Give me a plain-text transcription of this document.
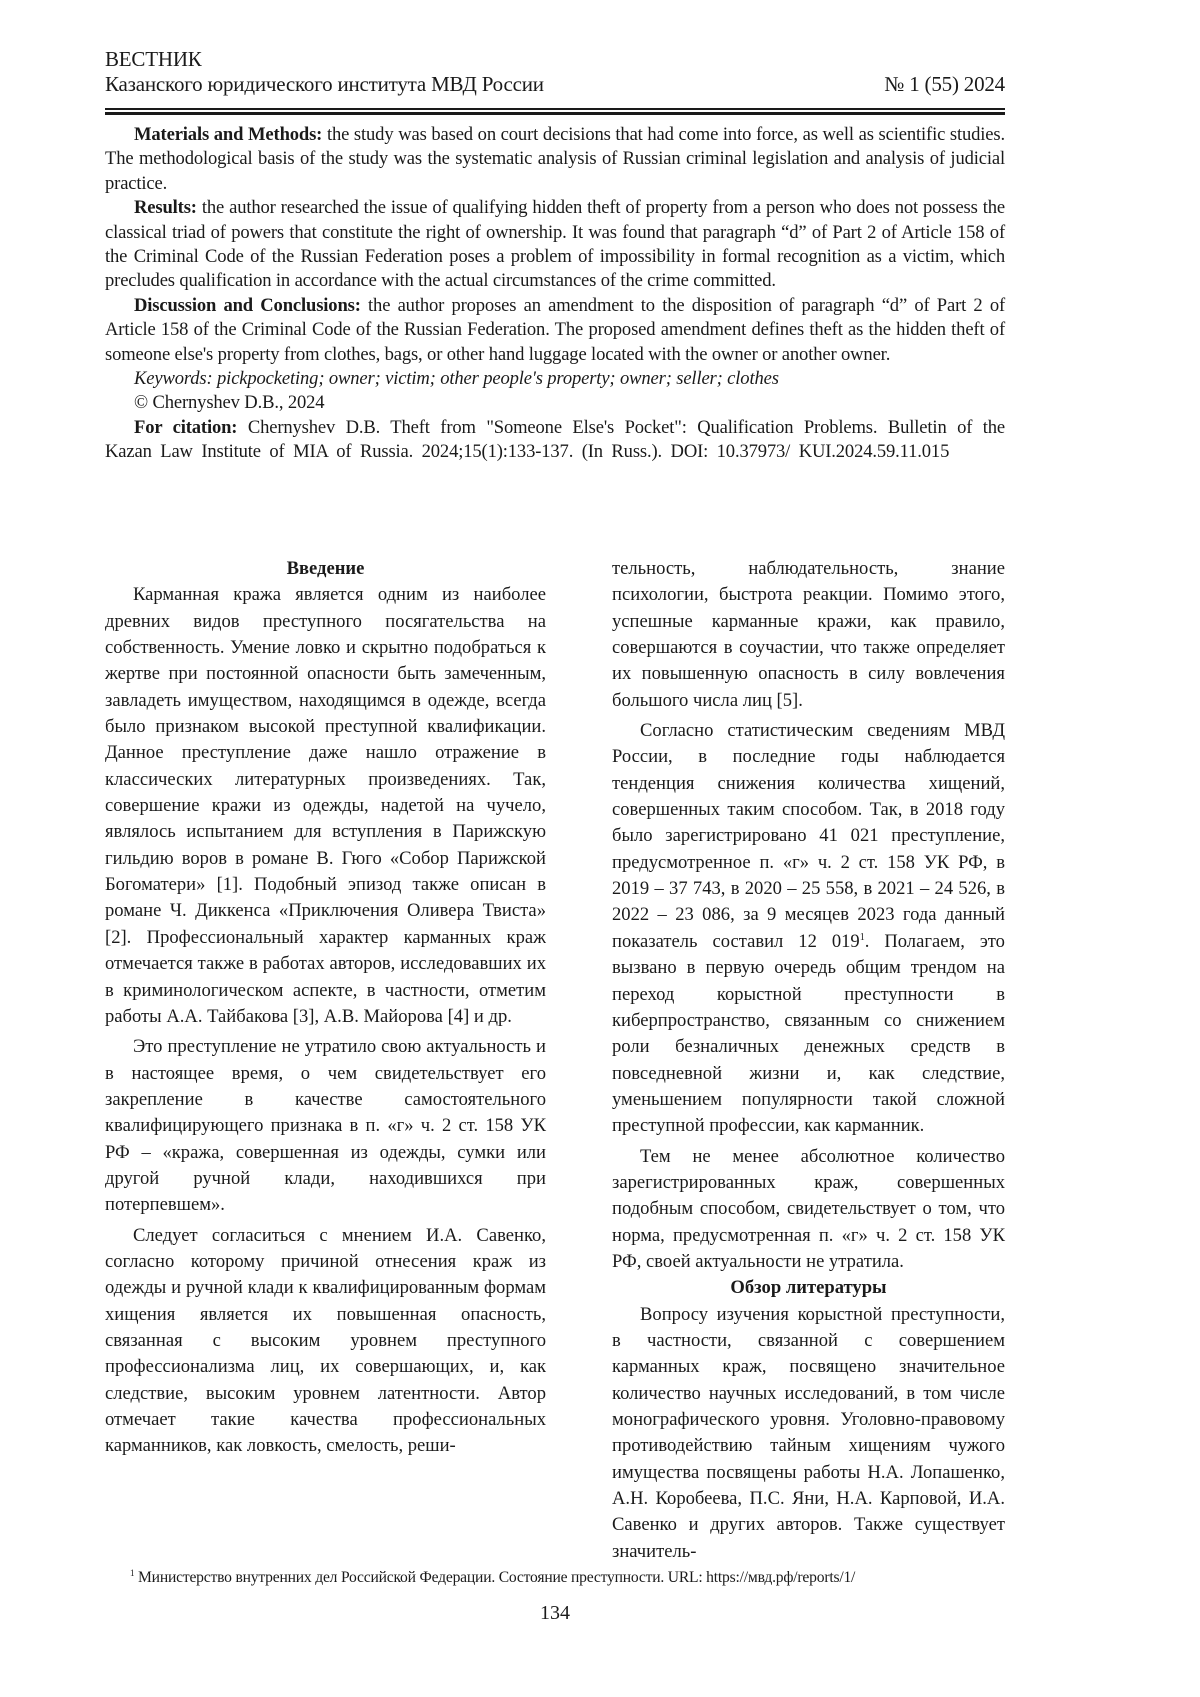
ВЕСТНИК
Казанского юридического института МВД России	№ 1 (55) 2024

Materials and Methods: the study was based on court decisions that had come into force, as well as scientific studies. The methodological basis of the study was the systematic analysis of Russian criminal legislation and analysis of judicial practice.

Results: the author researched the issue of qualifying hidden theft of property from a person who does not possess the classical triad of powers that constitute the right of ownership. It was found that paragraph “d” of Part 2 of Article 158 of the Criminal Code of the Russian Federation poses a problem of impossibility in formal recognition as a victim, which precludes qualification in accordance with the actual circumstances of the crime committed.

Discussion and Conclusions: the author proposes an amendment to the disposition of paragraph “d” of Part 2 of Article 158 of the Criminal Code of the Russian Federation. The proposed amendment defines theft as the hidden theft of someone else's property from clothes, bags, or other hand luggage located with the owner or another owner.

Keywords: pickpocketing; owner; victim; other people's property; owner; seller; clothes

© Chernyshev D.B., 2024

For citation: Chernyshev D.B. Theft from "Someone Else's Pocket": Qualification Problems. Bulletin of the Kazan Law Institute of MIA of Russia. 2024;15(1):133-137. (In Russ.). DOI: 10.37973/ KUI.2024.59.11.015

Введение

Карманная кража является одним из наиболее древних видов преступного посягательства на собственность. Умение ловко и скрытно подобраться к жертве при постоянной опасности быть замеченным, завладеть имуществом, находящимся в одежде, всегда было признаком высокой преступной квалификации. Данное преступление даже нашло отражение в классических литературных произведениях. Так, совершение кражи из одежды, надетой на чучело, являлось испытанием для вступления в Парижскую гильдию воров в романе В. Гюго «Собор Парижской Богоматери» [1]. Подобный эпизод также описан в романе Ч. Диккенса «Приключения Оливера Твиста» [2]. Профессиональный характер карманных краж отмечается также в работах авторов, исследовавших их в криминологическом аспекте, в частности, отметим работы А.А. Тайбакова [3], А.В. Майорова [4] и др.

Это преступление не утратило свою актуальность и в настоящее время, о чем свидетельствует его закрепление в качестве самостоятельного квалифицирующего признака в п. «г» ч. 2 ст. 158 УК РФ – «кража, совершенная из одежды, сумки или другой ручной клади, находившихся при потерпевшем».

Следует согласиться с мнением И.А. Савенко, согласно которому причиной отнесения краж из одежды и ручной клади к квалифицированным формам хищения является их повышенная опасность, связанная с высоким уровнем преступного профессионализма лиц, их совершающих, и, как следствие, высоким уровнем латентности. Автор отмечает такие качества профессиональных карманников, как ловкость, смелость, реши-

тельность, наблюдательность, знание психологии, быстрота реакции. Помимо этого, успешные карманные кражи, как правило, совершаются в соучастии, что также определяет их повышенную опасность в силу вовлечения большого числа лиц [5].

Согласно статистическим сведениям МВД России, в последние годы наблюдается тенденция снижения количества хищений, совершенных таким способом. Так, в 2018 году было зарегистрировано 41 021 преступление, предусмотренное п. «г» ч. 2 ст. 158 УК РФ, в 2019 – 37 743, в 2020 – 25 558, в 2021 – 24 526, в 2022 – 23 086, за 9 месяцев 2023 года данный показатель составил 12 $019^1$. Полагаем, это вызвано в первую очередь общим трендом на переход корыстной преступности в киберпространство, связанным со снижением роли безналичных денежных средств в повседневной жизни и, как следствие, уменьшением популярности такой сложной преступной профессии, как карманник.

Тем не менее абсолютное количество зарегистрированных краж, совершенных подобным способом, свидетельствует о том, что норма, предусмотренная п. «г» ч. 2 ст. 158 УК РФ, своей актуальности не утратила.

Обзор литературы

Вопросу изучения корыстной преступности, в частности, связанной с совершением карманных краж, посвящено значительное количество научных исследований, в том числе монографического уровня. Уголовно-правовому противодействию тайным хищениям чужого имущества посвящены работы Н.А. Лопашенко, А.Н. Коробеева, П.С. Яни, Н.А. Карповой, И.А. Савенко и других авторов. Также существует значитель-

$^1$ Министерство внутренних дел Российской Федерации. Состояние преступности. URL: https://мвд.рф/reports/1/
134
